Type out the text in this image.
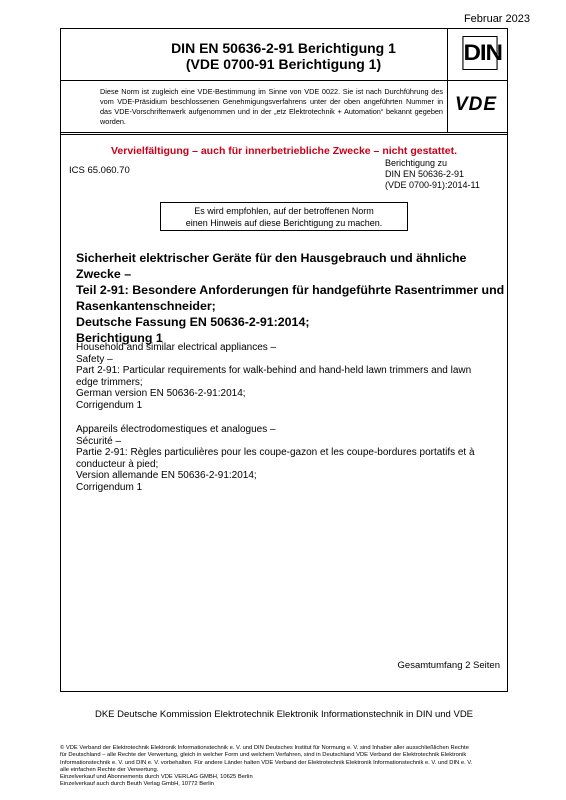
Februar 2023
DIN EN 50636-2-91 Berichtigung 1
(VDE 0700-91 Berichtigung 1)	DIN
VDE
Diese Norm ist zugleich eine VDE-Bestimmung im Sinne von VDE 0022. Sie ist nach Durchführung des vom VDE-Präsidium beschlossenen Genehmigungsverfahrens unter der oben angeführten Nummer in das VDE-Vorschriftenwerk aufgenommen und in der „etz Elektrotechnik + Automation“ bekannt gegeben worden.
Vervielfältigung – auch für innerbetriebliche Zwecke – nicht gestattet.
ICS 65.060.70
Berichtigung zu
DIN EN 50636-2-91
(VDE 0700-91):2014-11
Es wird empfohlen, auf der betroffenen Norm
einen Hinweis auf diese Berichtigung zu machen.
Sicherheit elektrischer Geräte für den Hausgebrauch und ähnliche
Zwecke –
Teil 2-91: Besondere Anforderungen für handgeführte Rasentrimmer und
Rasenkantenschneider;
Deutsche Fassung EN 50636-2-91:2014;
Berichtigung 1
Household and similar electrical appliances –
Safety –
Part 2-91: Particular requirements for walk-behind and hand-held lawn trimmers and lawn
edge trimmers;
German version EN 50636-2-91:2014;
Corrigendum 1
Appareils électrodomestiques et analogues –
Sécurité –
Partie 2-91: Règles particulières pour les coupe-gazon et les coupe-bordures portatifs et à
conducteur à pied;
Version allemande EN 50636-2-91:2014;
Corrigendum 1
Gesamtumfang 2 Seiten
DKE Deutsche Kommission Elektrotechnik Elektronik Informationstechnik in DIN und VDE
© VDE Verband der Elektrotechnik Elektronik Informationstechnik e. V. und DIN Deutsches Institut für Normung e. V. sind Inhaber aller ausschließlichen Rechte
für Deutschland – alle Rechte der Verwertung, gleich in welcher Form und welchem Verfahren, sind in Deutschland VDE Verband der Elektrotechnik Elektronik
Informationstechnik e. V. und DIN e. V. vorbehalten. Für andere Länder halten VDE Verband der Elektrotechnik Elektronik Informationstechnik e. V. und DIN e. V.
alle einfachen Rechte der Verwertung.
Einzelverkauf und Abonnements durch VDE VERLAG GMBH, 10625 Berlin
Einzelverkauf auch durch Beuth Verlag GmbH, 10772 Berlin
